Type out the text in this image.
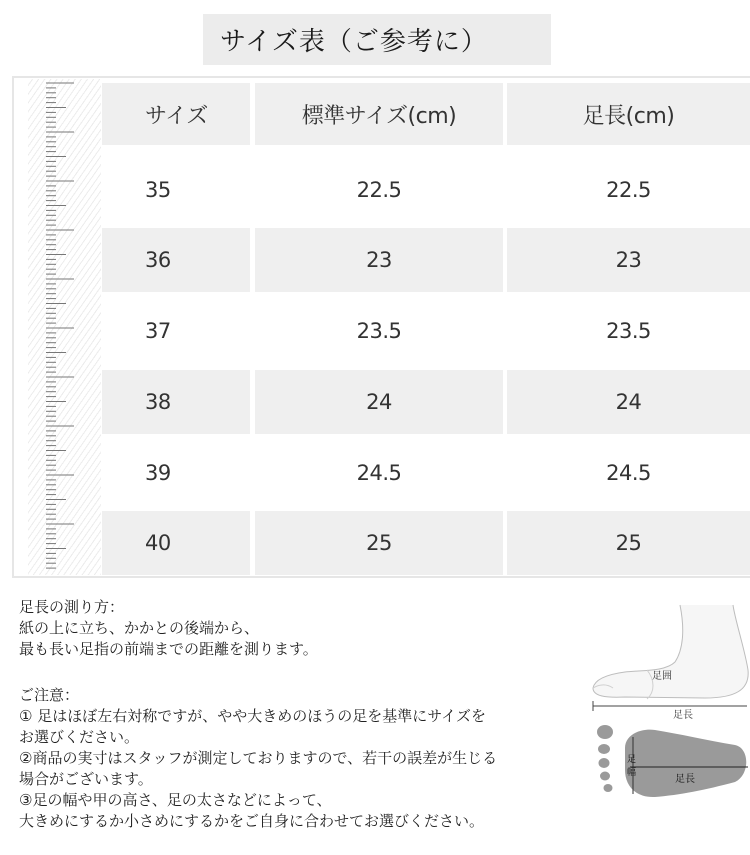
サイズ表（ご参考に）
サイズ	標準サイズ(cm)	足長(cm)
35	22.5	22.5
36	23	23
37	23.5	23.5
38	24	24
39	24.5	24.5
40	25	25
足長の測り方：
紙の上に立ち、かかとの後端から、
最も長い足指の前端までの距離を測ります。
ご注意：
① 足はほぼ左右対称ですが、やや大きめのほうの足を基準にサイズを
お選びください。
②商品の実寸はスタッフが測定しておりますので、若干の誤差が生じる
場合がございます。
③足の幅や甲の高さ、足の太さなどによって、
大きめにするか小さめにするかをご自身に合わせてお選びください。
足囲
足長
足
幅
足長
